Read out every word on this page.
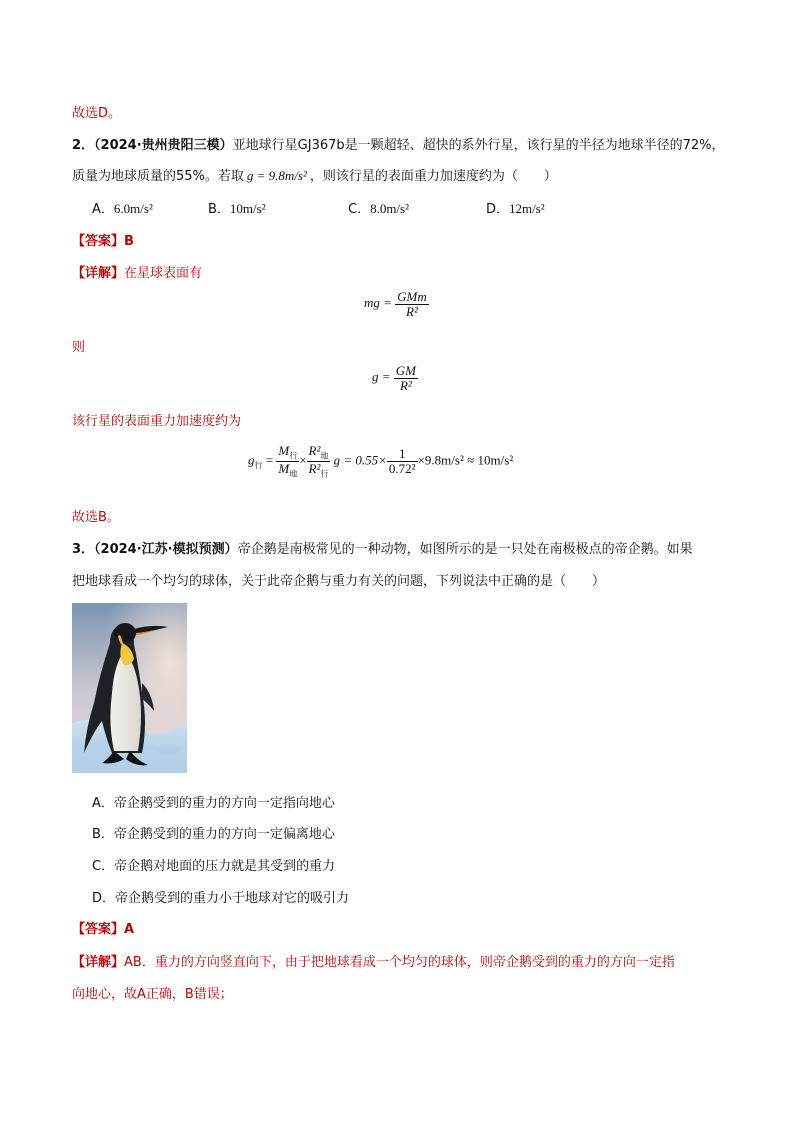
故选D。
2．（2024·贵州贵阳三模）亚地球行星GJ367b是一颗超轻、超快的系外行星，该行星的半径为地球半径的72%，
质量为地球质量的55%。若取 g = 9.8m/s² ，则该行星的表面重力加速度约为（　　）
A．6.0m/s²	B．10m/s²	C．8.0m/s²	D．12m/s²
【答案】B
【详解】在星球表面有
mg = $\frac{\text{GMm}}{\text{R²}}$
则
$g = \frac{GM}{\text{R²}}$
该行星的表面重力加速度约为
$g_行 = \frac{M_行}{M_地} \times \frac{R^2_地}{R^2_行}$ $g = 0.55\times \frac{1}{\text{0.72²}} \times 9.8m/s^2 \approx 10m/s^2$
故选B。
3．（2024·江苏·模拟预测）帝企鹅是南极常见的一种动物，如图所示的是一只处在南极极点的帝企鹅。如果
把地球看成一个均匀的球体，关于此帝企鹅与重力有关的问题，下列说法中正确的是（　　）
A．帝企鹅受到的重力的方向一定指向地心
B．帝企鹅受到的重力的方向一定偏离地心
C．帝企鹅对地面的压力就是其受到的重力
D．帝企鹅受到的重力小于地球对它的吸引力
【答案】A
【详解】AB．重力的方向竖直向下，由于把地球看成一个均匀的球体，则帝企鹅受到的重力的方向一定指
向地心，故A正确，B错误；
